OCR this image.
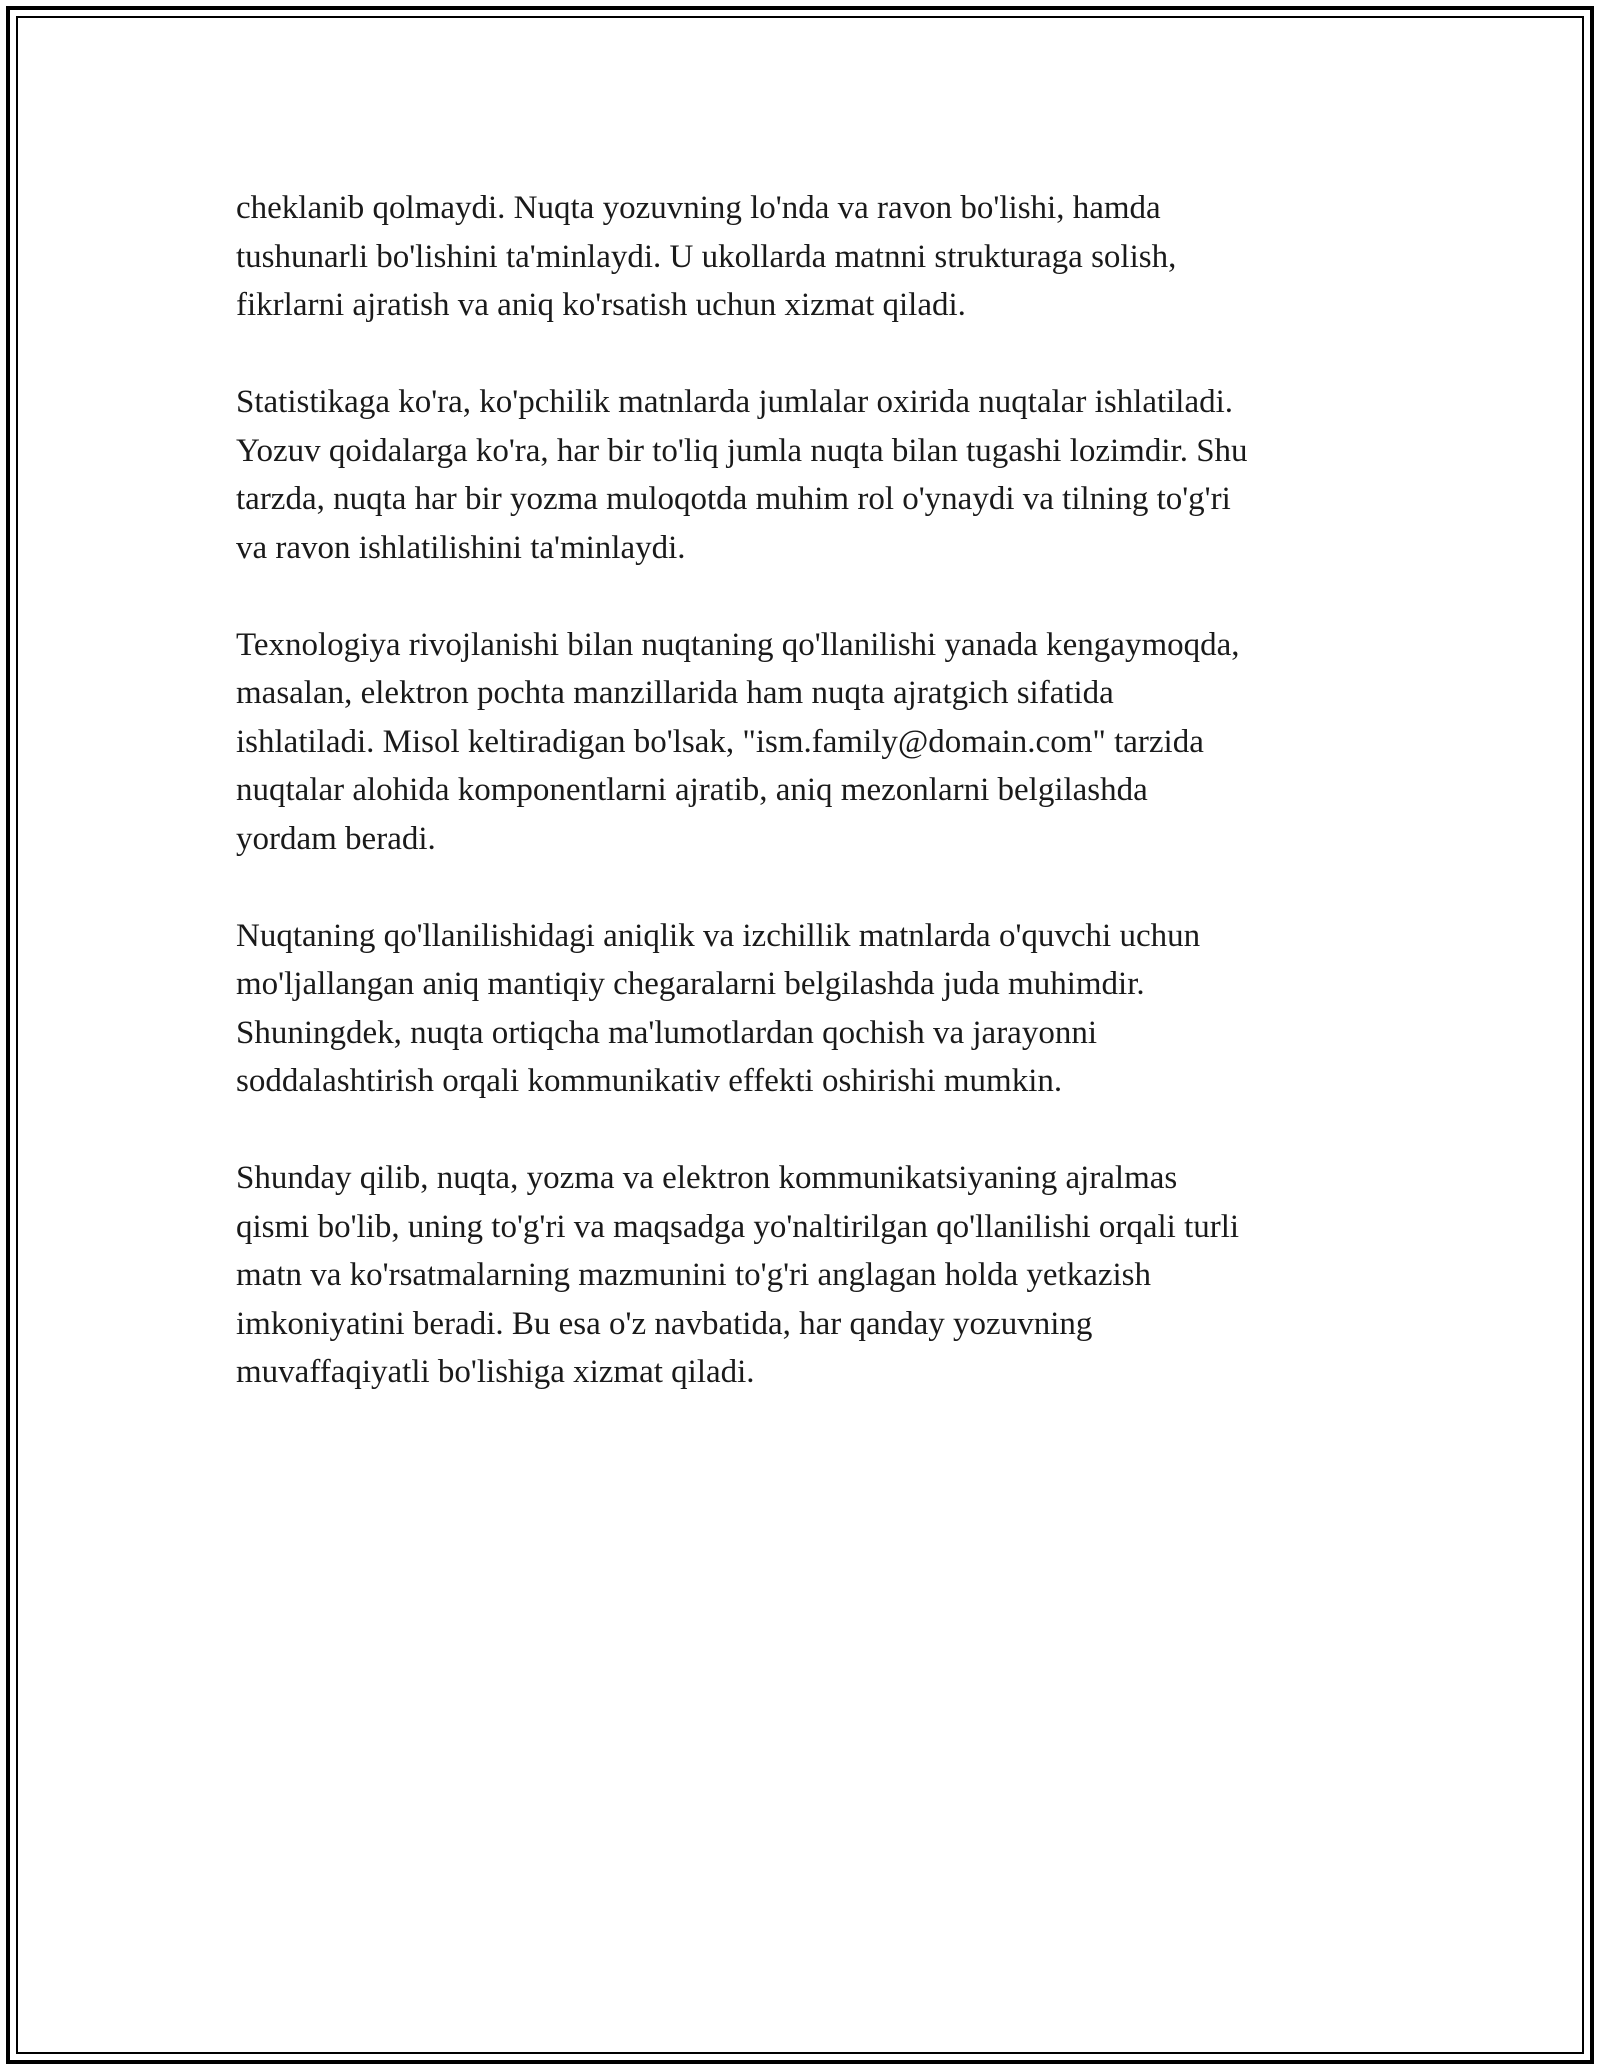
cheklanib qolmaydi. Nuqta yozuvning lo'nda va ravon bo'lishi, hamda
tushunarli bo'lishini ta'minlaydi. U ukollarda matnni strukturaga solish,
fikrlarni ajratish va aniq ko'rsatish uchun xizmat qiladi.

Statistikaga ko'ra, ko'pchilik matnlarda jumlalar oxirida nuqtalar ishlatiladi.
Yozuv qoidalarga ko'ra, har bir to'liq jumla nuqta bilan tugashi lozimdir. Shu
tarzda, nuqta har bir yozma muloqotda muhim rol o'ynaydi va tilning to'g'ri
va ravon ishlatilishini ta'minlaydi.

Texnologiya rivojlanishi bilan nuqtaning qo'llanilishi yanada kengaymoqda,
masalan, elektron pochta manzillarida ham nuqta ajratgich sifatida
ishlatiladi. Misol keltiradigan bo'lsak, "ism.family@domain.com" tarzida
nuqtalar alohida komponentlarni ajratib, aniq mezonlarni belgilashda
yordam beradi.

Nuqtaning qo'llanilishidagi aniqlik va izchillik matnlarda o'quvchi uchun
mo'ljallangan aniq mantiqiy chegaralarni belgilashda juda muhimdir.
Shuningdek, nuqta ortiqcha ma'lumotlardan qochish va jarayonni
soddalashtirish orqali kommunikativ effekti oshirishi mumkin.

Shunday qilib, nuqta, yozma va elektron kommunikatsiyaning ajralmas
qismi bo'lib, uning to'g'ri va maqsadga yo'naltirilgan qo'llanilishi orqali turli
matn va ko'rsatmalarning mazmunini to'g'ri anglagan holda yetkazish
imkoniyatini beradi. Bu esa o'z navbatida, har qanday yozuvning
muvaffaqiyatli bo'lishiga xizmat qiladi.
